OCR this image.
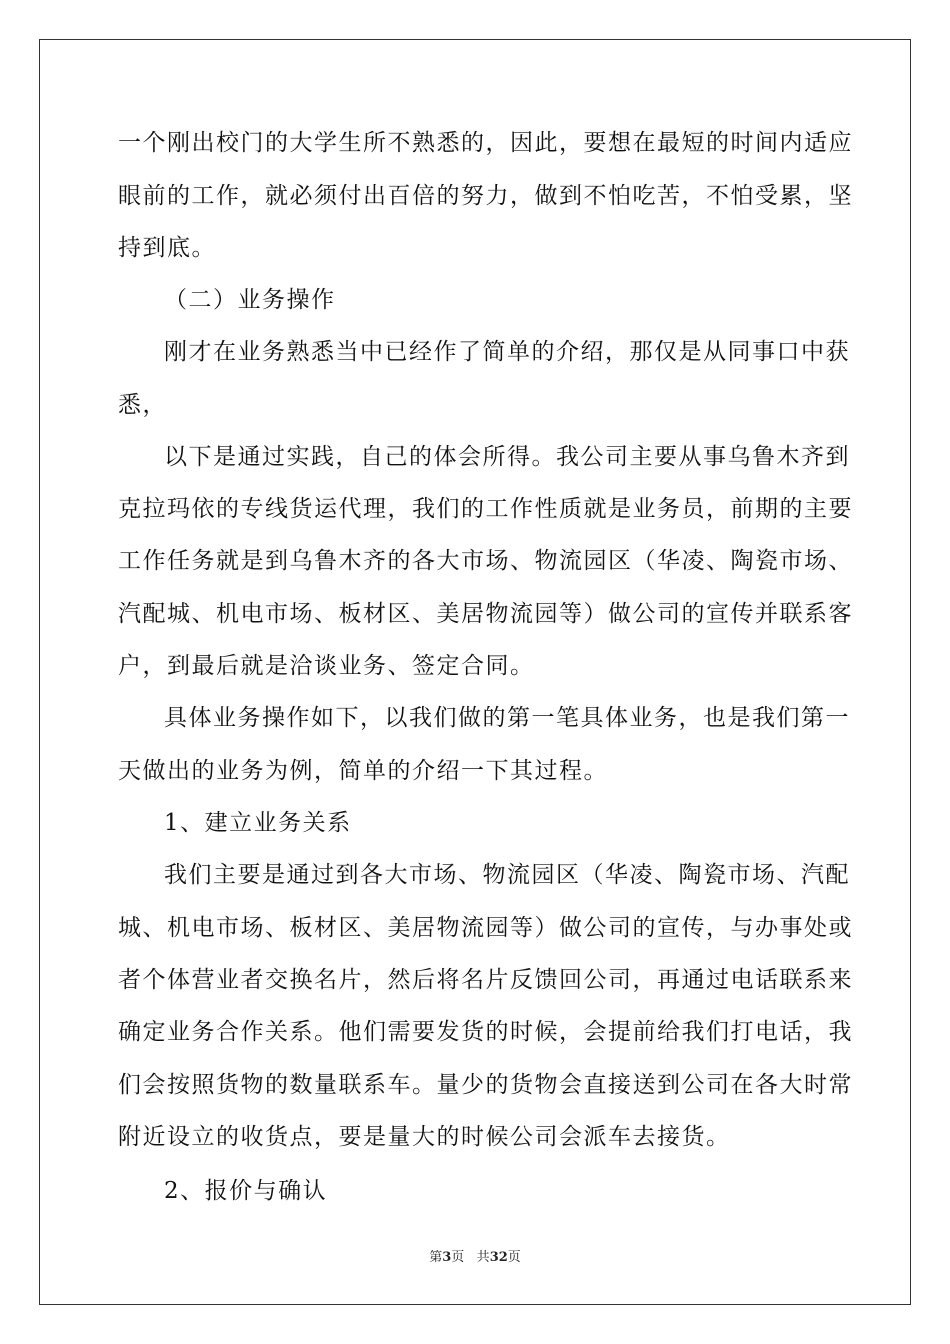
一个刚出校门的大学生所不熟悉的，因此，要想在最短的时间内适应
眼前的工作，就必须付出百倍的努力，做到不怕吃苦，不怕受累，坚
持到底。
（二）业务操作
刚才在业务熟悉当中已经作了简单的介绍，那仅是从同事口中获
悉，
以下是通过实践，自己的体会所得。我公司主要从事乌鲁木齐到
克拉玛依的专线货运代理，我们的工作性质就是业务员，前期的主要
工作任务就是到乌鲁木齐的各大市场、物流园区（华凌、陶瓷市场、
汽配城、机电市场、板材区、美居物流园等）做公司的宣传并联系客
户，到最后就是洽谈业务、签定合同。
具体业务操作如下，以我们做的第一笔具体业务，也是我们第一
天做出的业务为例，简单的介绍一下其过程。
1、建立业务关系
我们主要是通过到各大市场、物流园区（华凌、陶瓷市场、汽配
城、机电市场、板材区、美居物流园等）做公司的宣传，与办事处或
者个体营业者交换名片，然后将名片反馈回公司，再通过电话联系来
确定业务合作关系。他们需要发货的时候，会提前给我们打电话，我
们会按照货物的数量联系车。量少的货物会直接送到公司在各大时常
附近设立的收货点，要是量大的时候公司会派车去接货。
2、报价与确认
第3页 共32页
